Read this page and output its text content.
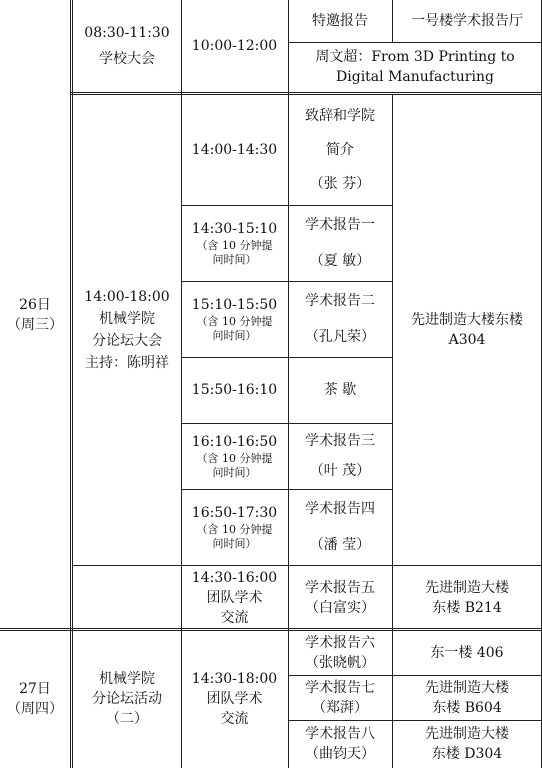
26日
（周三）
27日
（周四）
08:30-11:30
学校大会
14:00-18:00
机械学院
分论坛大会
主持：陈明祥
机械学院
分论坛活动
（二）
10:00-12:00
14:00-14:30
14:30-15:10
（含 10 分钟提
问时间）
15:10-15:50
（含 10 分钟提
问时间）
15:50-16:10
16:10-16:50
（含 10 分钟提
问时间）
16:50-17:30
（含 10 分钟提
问时间）
14:30-16:00
团队学术
交流
14:30-18:00
团队学术
交流
特邀报告
周文超：From 3D Printing to
Digital Manufacturing
致辞和学院
简介
（张 芬）
学术报告一
（夏 敏）
学术报告二
（孔凡荣）
茶 歇
学术报告三
（叶 茂）
学术报告四
（潘 莹）
学术报告五
（白富实）
学术报告六
（张晓帆）
学术报告七
（郑湃）
学术报告八
（曲钧天）
一号楼学术报告厅
先进制造大楼东楼
A304
先进制造大楼
东楼 B214
东一楼 406
先进制造大楼
东楼 B604
先进制造大楼
东楼 D304
